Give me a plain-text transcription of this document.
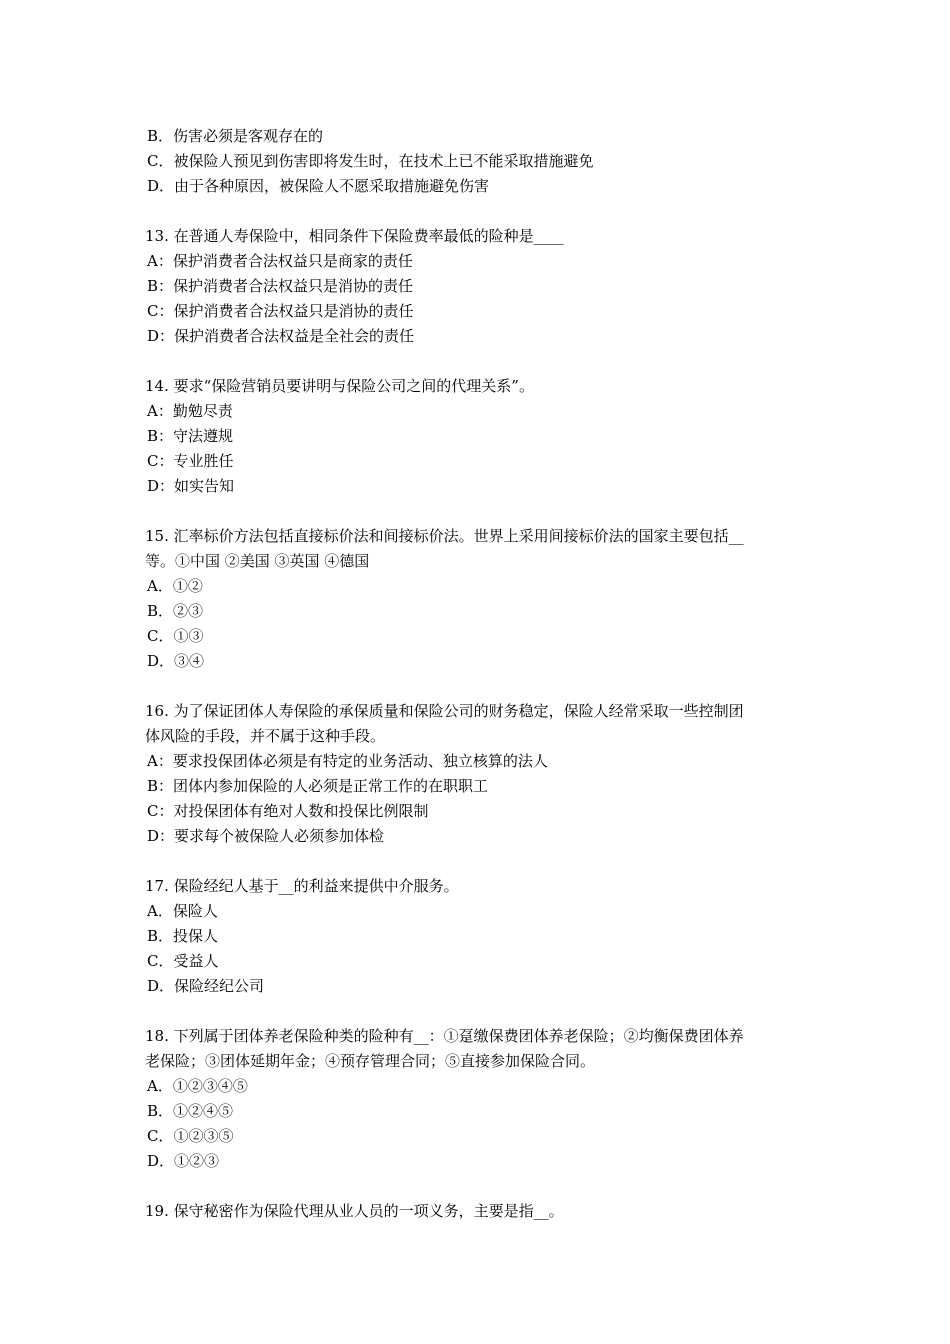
B．伤害必须是客观存在的
C．被保险人预见到伤害即将发生时，在技术上已不能采取措施避免
D．由于各种原因，被保险人不愿采取措施避免伤害
13. 在普通人寿保险中，相同条件下保险费率最低的险种是____
A：保护消费者合法权益只是商家的责任
B：保护消费者合法权益只是消协的责任
C：保护消费者合法权益只是消协的责任
D：保护消费者合法权益是全社会的责任
14. 要求“保险营销员要讲明与保险公司之间的代理关系”。
A：勤勉尽责
B：守法遵规
C：专业胜任
D：如实告知
15. 汇率标价方法包括直接标价法和间接标价法。世界上采用间接标价法的国家主要包括__
等。①中国 ②美国 ③英国 ④德国
A．①②
B．②③
C．①③
D．③④
16. 为了保证团体人寿保险的承保质量和保险公司的财务稳定，保险人经常采取一些控制团
体风险的手段，并不属于这种手段。
A：要求投保团体必须是有特定的业务活动、独立核算的法人
B：团体内参加保险的人必须是正常工作的在职职工
C：对投保团体有绝对人数和投保比例限制
D：要求每个被保险人必须参加体检
17. 保险经纪人基于__的利益来提供中介服务。
A．保险人
B．投保人
C．受益人
D．保险经纪公司
18. 下列属于团体养老保险种类的险种有__：①趸缴保费团体养老保险；②均衡保费团体养
老保险；③团体延期年金；④预存管理合同；⑤直接参加保险合同。
A．①②③④⑤
B．①②④⑤
C．①②③⑤
D．①②③
19. 保守秘密作为保险代理从业人员的一项义务，主要是指__。
